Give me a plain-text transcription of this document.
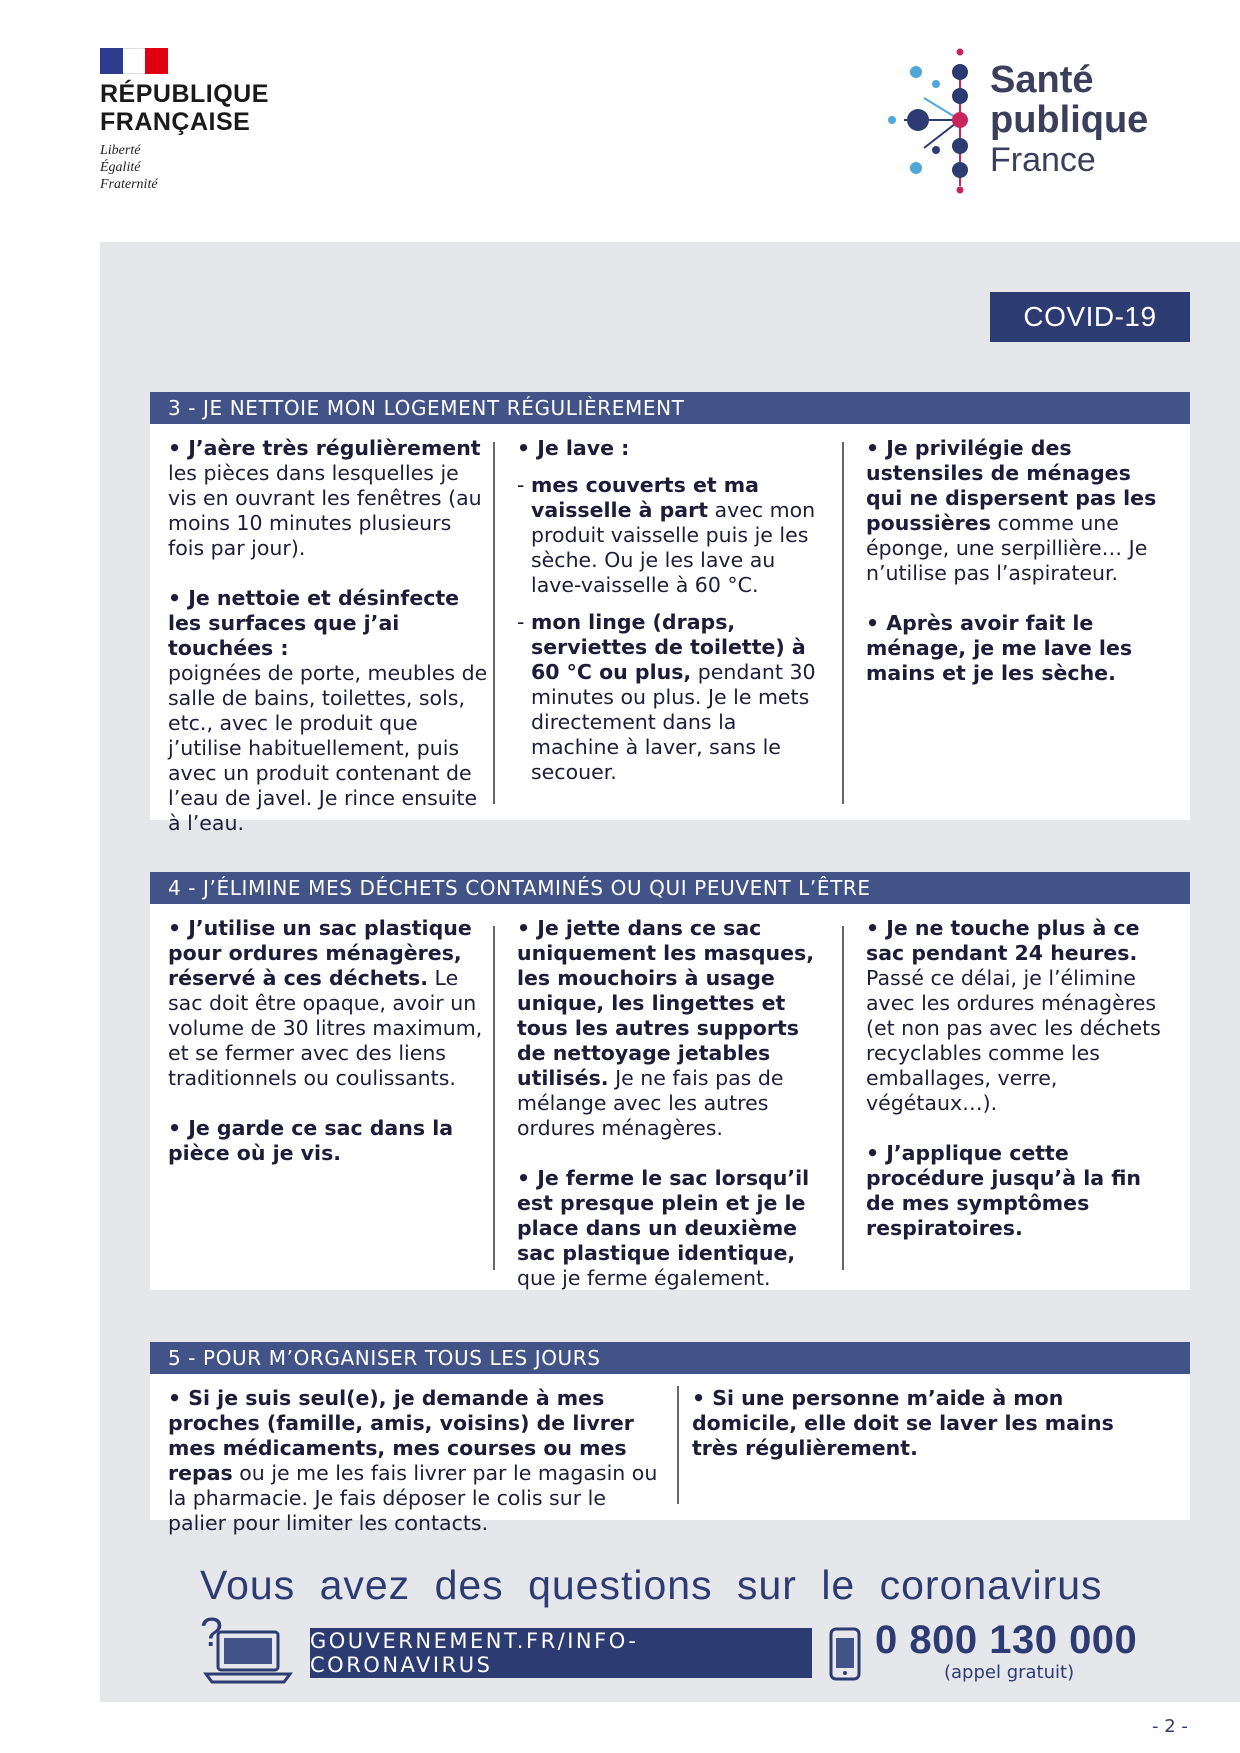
RÉPUBLIQUE
FRANÇAISE
Liberté
Égalité
Fraternité
Santé
publique
France
COVID-19
3 - JE NETTOIE MON LOGEMENT RÉGULIÈREMENT

• J’aère très régulièrement
les pièces dans lesquelles je vis en ouvrant les fenêtres (au moins 10 minutes plusieurs fois par jour).

• Je nettoie et désinfecte les surfaces que j’ai touchées :
poignées de porte, meubles de salle de bains, toilettes, sols, etc., avec le produit que j’utilise habituellement, puis avec un produit contenant de l’eau de javel. Je rince ensuite à l’eau.

• Je lave :

- mes couverts et ma vaisselle à part avec mon produit vaisselle puis je les sèche. Ou je les lave au lave-vaisselle à 60 °C.
- mon linge (draps, serviettes de toilette) à 60 °C ou plus, pendant 30 minutes ou plus. Je le mets directement dans la machine à laver, sans le secouer.

• Je privilégie des ustensiles de ménages qui ne dispersent pas les poussières comme une éponge, une serpillière… Je n’utilise pas l’aspirateur.

• Après avoir fait le ménage, je me lave les mains et je les sèche.

4 - J’ÉLIMINE MES DÉCHETS CONTAMINÉS OU QUI PEUVENT L’ÊTRE

• J’utilise un sac plastique pour ordures ménagères, réservé à ces déchets. Le sac doit être opaque, avoir un volume de 30 litres maximum, et se fermer avec des liens traditionnels ou coulissants.

• Je garde ce sac dans la pièce où je vis.

• Je jette dans ce sac uniquement les masques, les mouchoirs à usage unique, les lingettes et tous les autres supports de nettoyage jetables utilisés. Je ne fais pas de mélange avec les autres ordures ménagères.

• Je ferme le sac lorsqu’il est presque plein et je le place dans un deuxième sac plastique identique, que je ferme également.

• Je ne touche plus à ce sac pendant 24 heures. Passé ce délai, je l’élimine avec les ordures ménagères (et non pas avec les déchets recyclables comme les emballages, verre, végétaux…).

• J’applique cette procédure jusqu’à la fin de mes symptômes respiratoires.

5 - POUR M’ORGANISER TOUS LES JOURS

• Si je suis seul(e), je demande à mes proches (famille, amis, voisins) de livrer mes médicaments, mes courses ou mes repas ou je me les fais livrer par le magasin ou la pharmacie. Je fais déposer le colis sur le palier pour limiter les contacts.

• Si une personne m’aide à mon domicile, elle doit se laver les mains très régulièrement.

Vous avez des questions sur le coronavirus ?	GOUVERNEMENT.FR/INFO-CORONAVIRUS
0 800 130 000
(appel gratuit)
- 2 -
